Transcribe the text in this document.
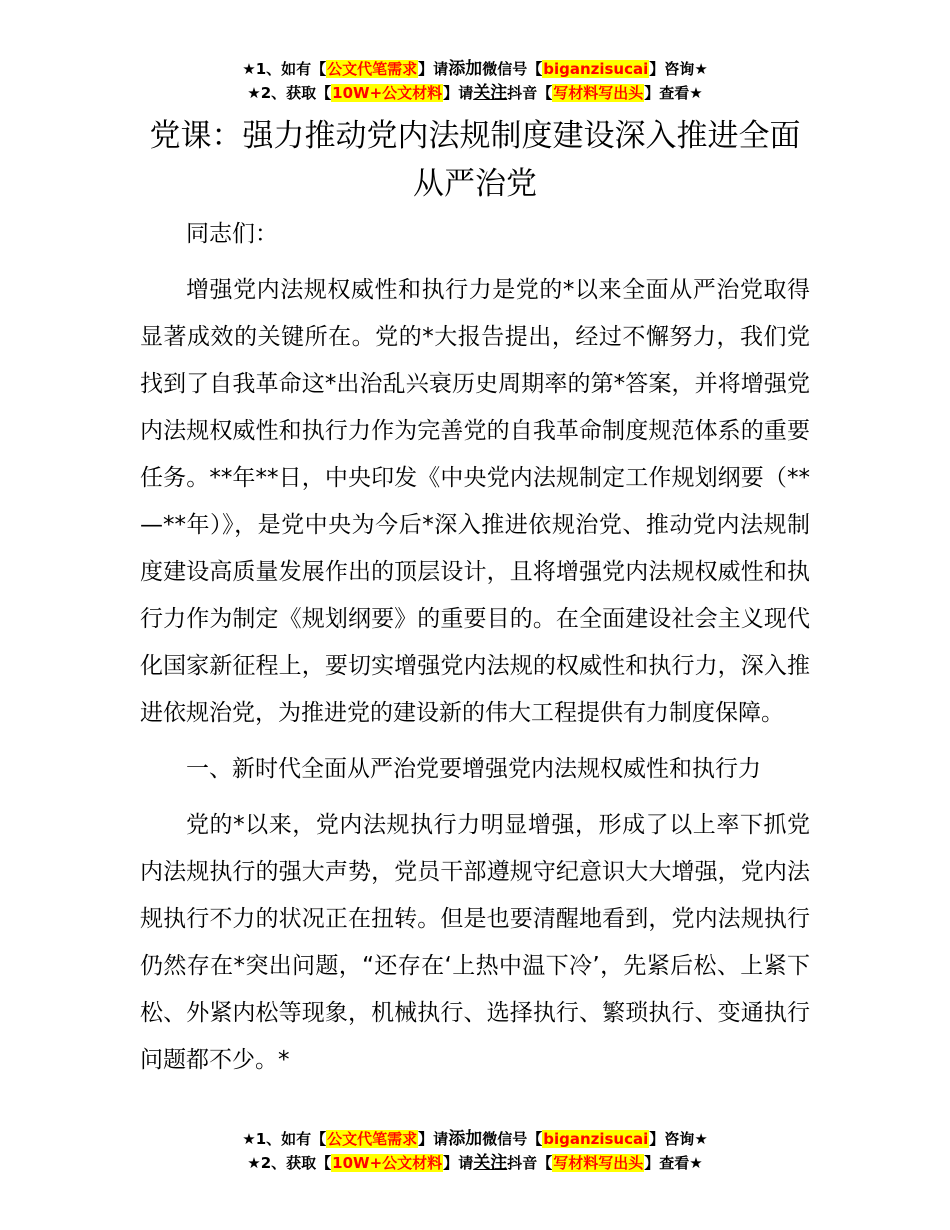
★1、如有【公文代笔需求】请添加微信号【biganzisucai】咨询★
★2、获取【10W+公文材料】请关注抖音【写材料写出头】查看★
党课：强力推动党内法规制度建设深入推进全面从严治党

同志们：

增强党内法规权威性和执行力是党的*以来全面从严治党取得显著成效的关键所在。党的*大报告提出，经过不懈努力，我们党找到了自我革命这*出治乱兴衰历史周期率的第*答案，并将增强党内法规权威性和执行力作为完善党的自我革命制度规范体系的重要任务。**年**日，中央印发《中央党内法规制定工作规划纲要（**—**年）》，是党中央为今后*深入推进依规治党、推动党内法规制度建设高质量发展作出的顶层设计，且将增强党内法规权威性和执行力作为制定《规划纲要》的重要目的。在全面建设社会主义现代化国家新征程上，要切实增强党内法规的权威性和执行力，深入推进依规治党，为推进党的建设新的伟大工程提供有力制度保障。

一、新时代全面从严治党要增强党内法规权威性和执行力

党的*以来，党内法规执行力明显增强，形成了以上率下抓党内法规执行的强大声势，党员干部遵规守纪意识大大增强，党内法规执行不力的状况正在扭转。但是也要清醒地看到，党内法规执行仍然存在*突出问题，“还存在‘上热中温下冷’，先紧后松、上紧下松、外紧内松等现象，机械执行、选择执行、繁琐执行、变通执行问题都不少。*

★1、如有【公文代笔需求】请添加微信号【biganzisucai】咨询★
★2、获取【10W+公文材料】请关注抖音【写材料写出头】查看★
